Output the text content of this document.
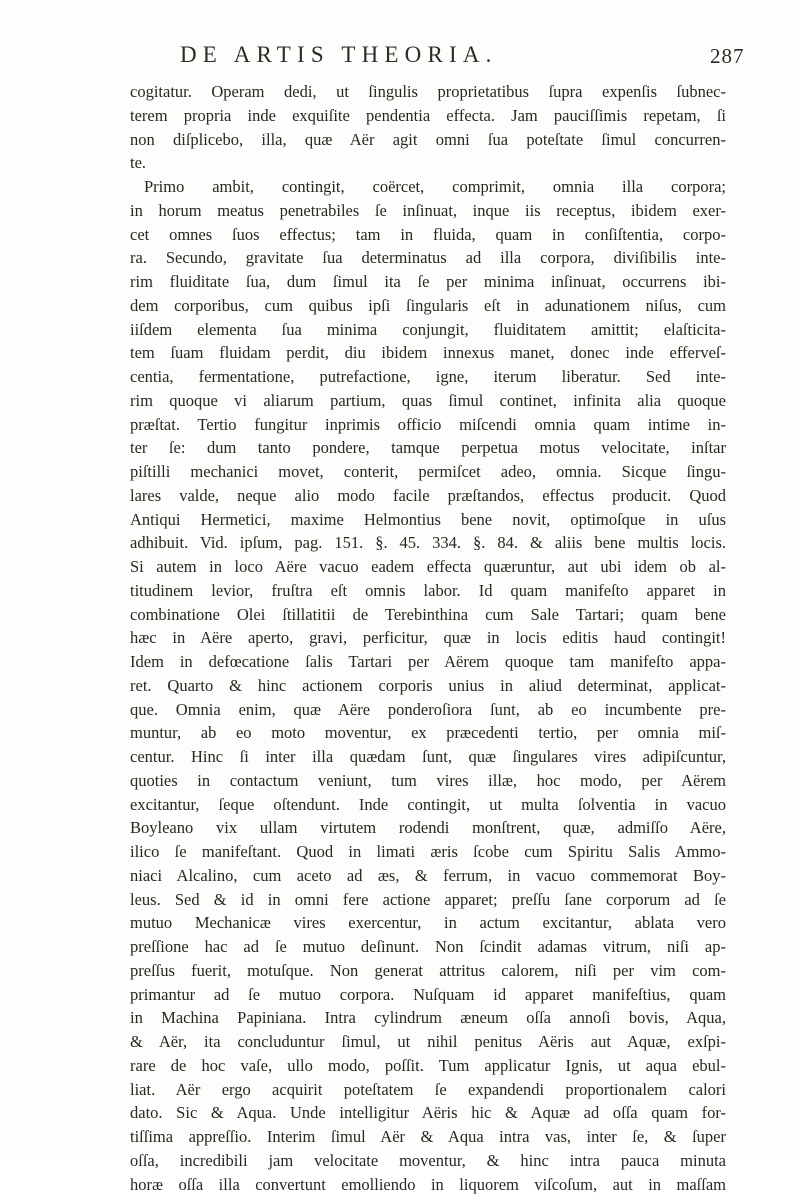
DE ARTIS THEORIA.	287
cogitatur. Operam dedi, ut ſingulis proprietatibus ſupra expenſis ſubnec-
terem propria inde exquiſite pendentia effecta. Jam pauciſſimis repetam, ſi
non diſplicebo, illa, quæ Aër agit omni ſua poteſtate ſimul concurren-
te.
Primo ambit, contingit, coërcet, comprimit, omnia illa corpora;
in horum meatus penetrabiles ſe inſinuat, inque iis receptus, ibidem exer-
cet omnes ſuos effectus; tam in fluida, quam in conſiſtentia, corpo-
ra. Secundo, gravitate ſua determinatus ad illa corpora, diviſibilis inte-
rim fluiditate ſua, dum ſimul ita ſe per minima inſinuat, occurrens ibi-
dem corporibus, cum quibus ipſi ſingularis eſt in adunationem niſus, cum
iiſdem elementa ſua minima conjungit, fluiditatem amittit; elaſticita-
tem ſuam fluidam perdit, diu ibidem innexus manet, donec inde efferveſ-
centia, fermentatione, putrefactione, igne, iterum liberatur. Sed inte-
rim quoque vi aliarum partium, quas ſimul continet, infinita alia quoque
præſtat. Tertio fungitur inprimis officio miſcendi omnia quam intime in-
ter ſe: dum tanto pondere, tamque perpetua motus velocitate, inſtar
piſtilli mechanici movet, conterit, permiſcet adeo, omnia. Sicque ſingu-
lares valde, neque alio modo facile præſtandos, effectus producit. Quod
Antiqui Hermetici, maxime Helmontius bene novit, optimoſque in uſus
adhibuit. Vid. ipſum, pag. 151. §. 45. 334. §. 84. & aliis bene multis locis.
Si autem in loco Aëre vacuo eadem effecta quæruntur, aut ubi idem ob al-
titudinem levior, fruſtra eſt omnis labor. Id quam manifeſto apparet in
combinatione Olei ſtillatitii de Terebinthina cum Sale Tartari; quam bene
hæc in Aëre aperto, gravi, perficitur, quæ in locis editis haud contingit!
Idem in defœcatione ſalis Tartari per Aërem quoque tam manifeſto appa-
ret. Quarto & hinc actionem corporis unius in aliud determinat, applicat-
que. Omnia enim, quæ Aëre ponderoſiora ſunt, ab eo incumbente pre-
muntur, ab eo moto moventur, ex præcedenti tertio, per omnia miſ-
centur. Hinc ſi inter illa quædam ſunt, quæ ſingulares vires adipiſcuntur,
quoties in contactum veniunt, tum vires illæ, hoc modo, per Aërem
excitantur, ſeque oſtendunt. Inde contingit, ut multa ſolventia in vacuo
Boyleano vix ullam virtutem rodendi monſtrent, quæ, admiſſo Aëre,
ilico ſe manifeſtant. Quod in limati æris ſcobe cum Spiritu Salis Ammo-
niaci Alcalino, cum aceto ad æs, & ferrum, in vacuo commemorat Boy-
leus. Sed & id in omni fere actione apparet; preſſu ſane corporum ad ſe
mutuo Mechanicæ vires exercentur, in actum excitantur, ablata vero
preſſione hac ad ſe mutuo deſinunt. Non ſcindit adamas vitrum, niſi ap-
preſſus fuerit, motuſque. Non generat attritus calorem, niſi per vim com-
primantur ad ſe mutuo corpora. Nuſquam id apparet manifeſtius, quam
in Machina Papiniana. Intra cylindrum æneum oſſa annoſi bovis, Aqua,
& Aër, ita concluduntur ſimul, ut nihil penitus Aëris aut Aquæ, exſpi-
rare de hoc vaſe, ullo modo, poſſit. Tum applicatur Ignis, ut aqua ebul-
liat. Aër ergo acquirit poteſtatem ſe expandendi proportionalem calori
dato. Sic & Aqua. Unde intelligitur Aëris hic & Aquæ ad oſſa quam for-
tiſſima appreſſio. Interim ſimul Aër & Aqua intra vas, inter ſe, & ſuper
oſſa, incredibili jam velocitate moventur, & hinc intra pauca minuta
horæ oſſa illa convertunt emolliendo in liquorem viſcoſum, aut in maſſam
